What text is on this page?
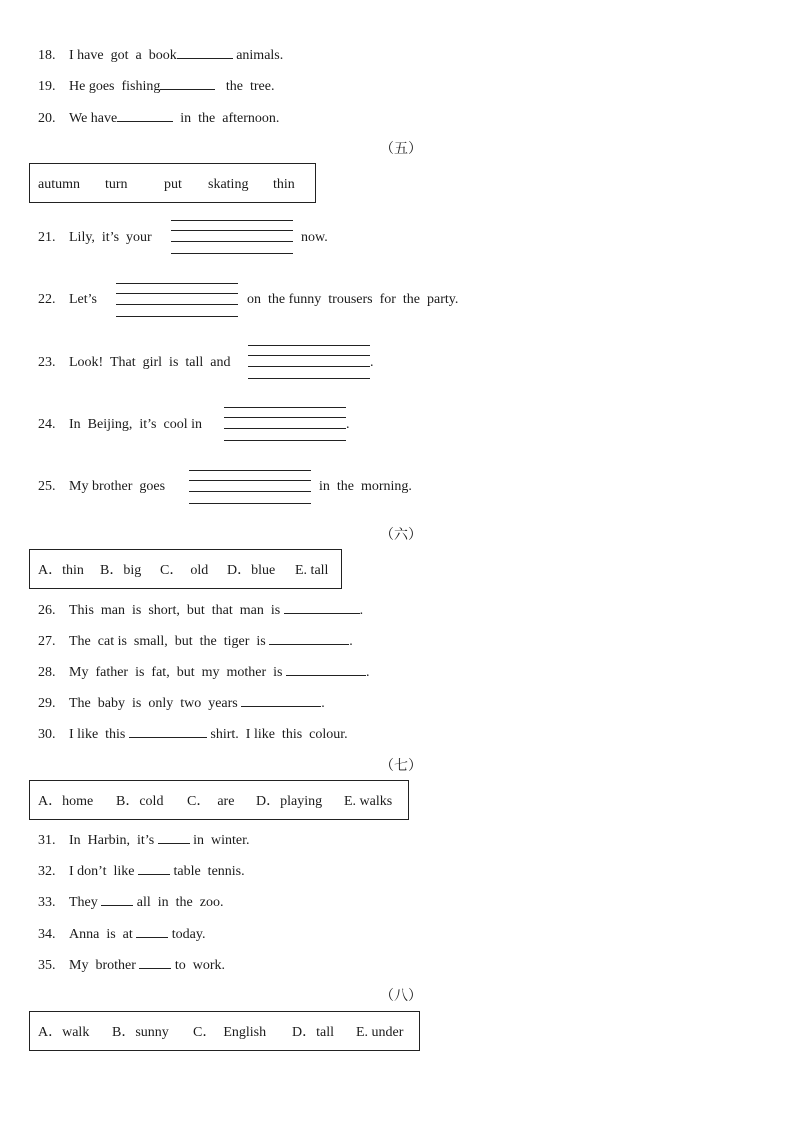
18. I have  got  a  book	animals.
19. He goes  fishing	the  tree.
20. We have	in  the  afternoon.
（五）
autumn turn	put skating thin
21. Lily,  it’s  your	now.
22. Let’s	on  the funny  trousers  for  the  party.
23. Look!  That  girl  is  tall  and	.
24. In  Beijing,  it’s  cool in	.
25. My brother  goes	in  the  morning.
（六）
A．thin B．big C．  old D．blue E. tall
26. This  man  is  short,  but  that  man  is	.
27. The  cat is  small,  but  the  tiger  is	.
28. My  father  is  fat,  but  my  mother  is	.
29. The  baby  is  only  two  years	.
30. I like  this	shirt.  I like  this  colour.
（七）
A．home B．cold C．  are D．playing E. walks
31. In  Harbin,  it’s	in  winter.
32. I don’t  like	table  tennis.
33. They	all  in  the  zoo.
34. Anna  is  at	today.
35. My  brother	to  work.
（八）
A．walk B．sunny C．  English D．tall E. under
